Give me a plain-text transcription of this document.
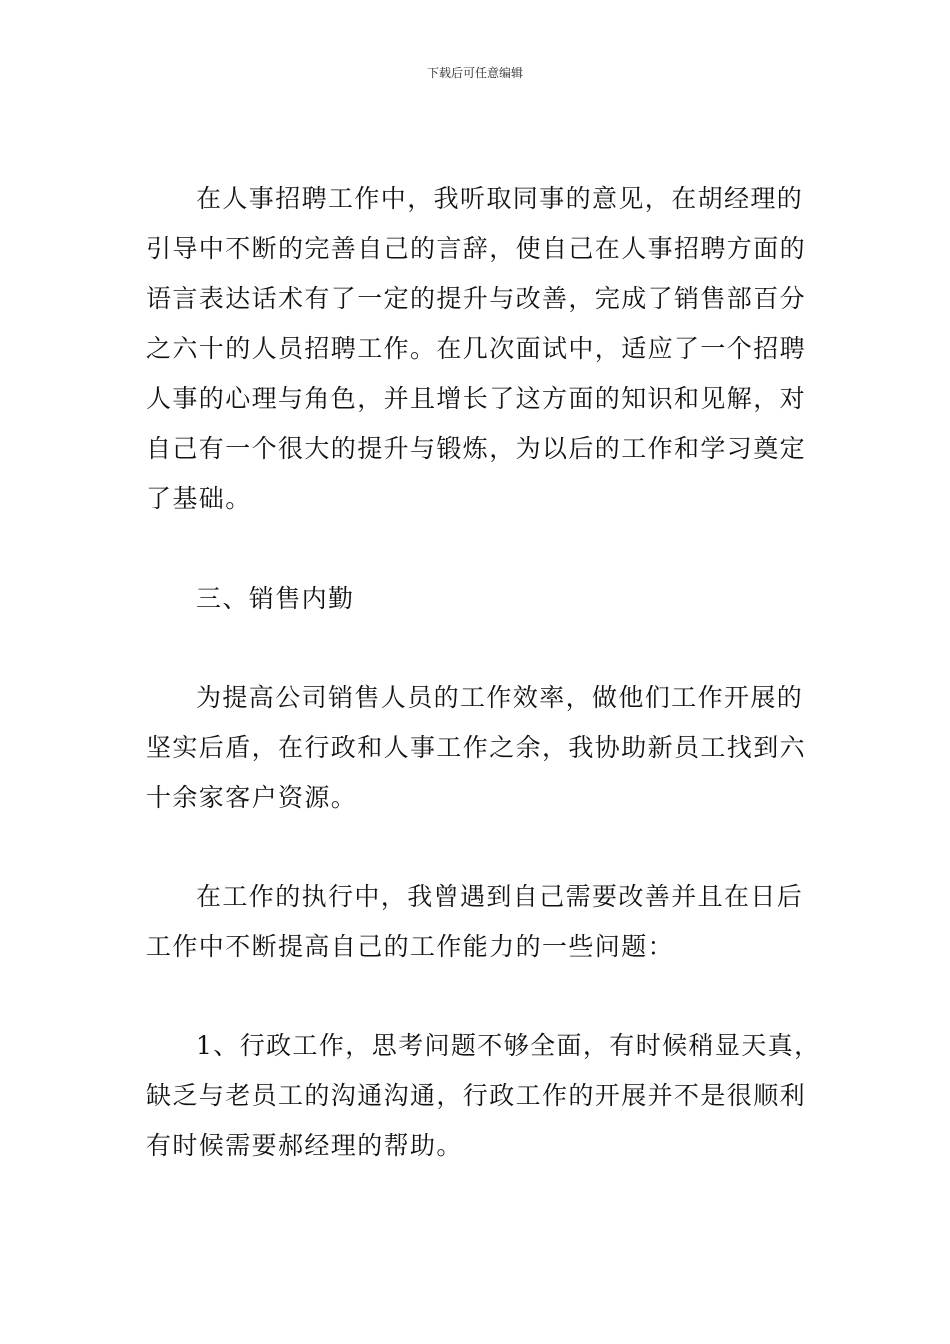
下载后可任意编辑
在人事招聘工作中，我听取同事的意见，在胡经理的
引导中不断的完善自己的言辞，使自己在人事招聘方面的
语言表达话术有了一定的提升与改善，完成了销售部百分
之六十的人员招聘工作。在几次面试中，适应了一个招聘
人事的心理与角色，并且增长了这方面的知识和见解，对
自己有一个很大的提升与锻炼，为以后的工作和学习奠定
了基础。
三、销售内勤
为提高公司销售人员的工作效率，做他们工作开展的
坚实后盾，在行政和人事工作之余，我协助新员工找到六
十余家客户资源。
在工作的执行中，我曾遇到自己需要改善并且在日后
工作中不断提高自己的工作能力的一些问题：
1、行政工作，思考问题不够全面，有时候稍显天真，
缺乏与老员工的沟通沟通，行政工作的开展并不是很顺利
有时候需要郝经理的帮助。
